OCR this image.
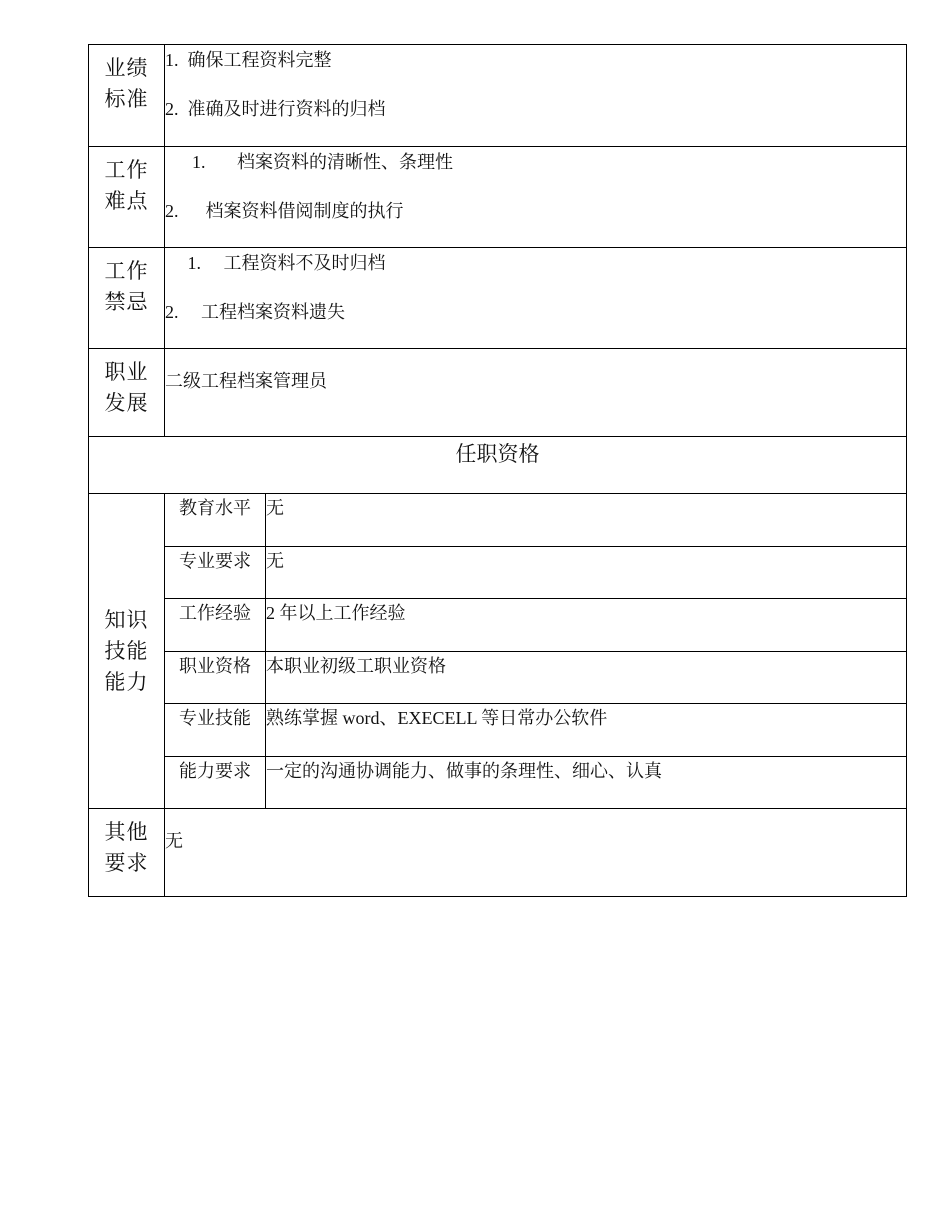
业绩
标准	1.  确保工程资料完整
2.  准确及时进行资料的归档	

工作
难点	1.       档案资料的清晰性、条理性
2.      档案资料借阅制度的执行	

工作
禁忌	1.     工程资料不及时归档
2.     工程档案资料遗失	

职业
发展	二级工程档案管理员	

任职资格		

知识
技能
能力	教育水平	无
	专业要求	无
	工作经验	2 年以上工作经验
	职业资格	本职业初级工职业资格
	专业技能	熟练掌握 word、EXECELL 等日常办公软件
	能力要求	一定的沟通协调能力、做事的条理性、细心、认真

其他
要求	无	
